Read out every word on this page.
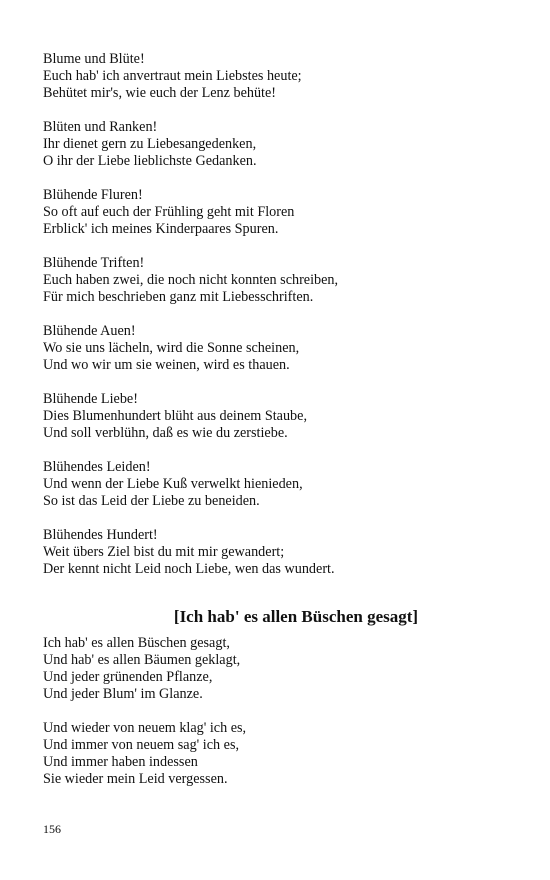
Blume und Blüte!
Euch hab' ich anvertraut mein Liebstes heute;
Behütet mir's, wie euch der Lenz behüte!
Blüten und Ranken!
Ihr dienet gern zu Liebesangedenken,
O ihr der Liebe lieblichste Gedanken.
Blühende Fluren!
So oft auf euch der Frühling geht mit Floren
Erblick' ich meines Kinderpaares Spuren.
Blühende Triften!
Euch haben zwei, die noch nicht konnten schreiben,
Für mich beschrieben ganz mit Liebesschriften.
Blühende Auen!
Wo sie uns lächeln, wird die Sonne scheinen,
Und wo wir um sie weinen, wird es thauen.
Blühende Liebe!
Dies Blumenhundert blüht aus deinem Staube,
Und soll verblühn, daß es wie du zerstiebe.
Blühendes Leiden!
Und wenn der Liebe Kuß verwelkt hienieden,
So ist das Leid der Liebe zu beneiden.
Blühendes Hundert!
Weit übers Ziel bist du mit mir gewandert;
Der kennt nicht Leid noch Liebe, wen das wundert.
[Ich hab' es allen Büschen gesagt]
Ich hab' es allen Büschen gesagt,
Und hab' es allen Bäumen geklagt,
Und jeder grünenden Pflanze,
Und jeder Blum' im Glanze.
Und wieder von neuem klag' ich es,
Und immer von neuem sag' ich es,
Und immer haben indessen
Sie wieder mein Leid vergessen.
156
